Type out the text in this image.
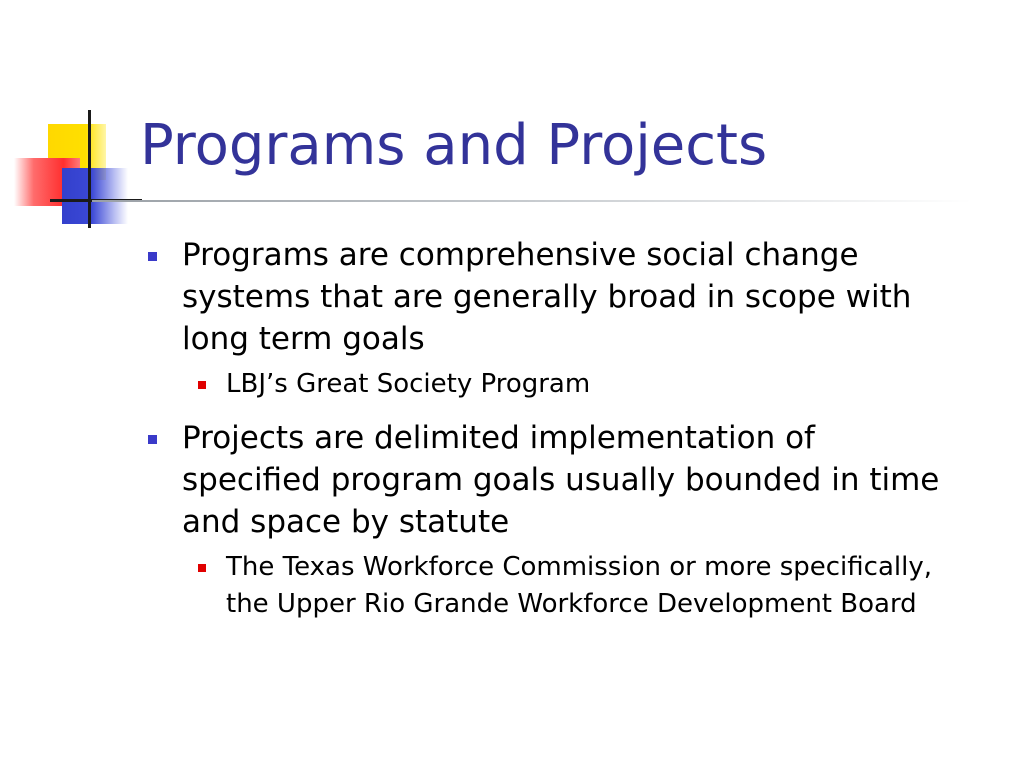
Programs and Projects
Programs are comprehensive social change systems that are generally broad in scope with long term goals
LBJ’s Great Society Program
Projects are delimited implementation of specified program goals usually bounded in time and space by statute
The Texas Workforce Commission or more specifically, the Upper Rio Grande Workforce Development Board
